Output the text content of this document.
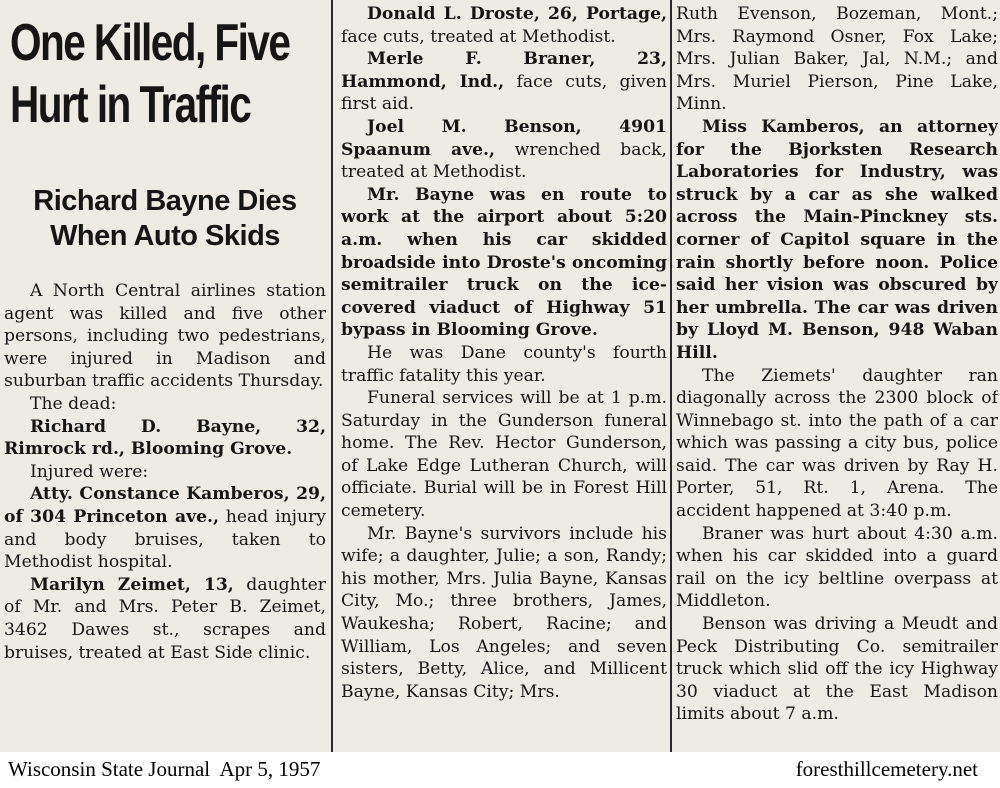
One Killed, Five
Hurt in Traffic
Richard Bayne Dies
When Auto Skids

A North Central airlines station agent was killed and five other persons, including two pedestrians, were injured in Madison and suburban traffic accidents Thursday.

The dead:

Richard D. Bayne, 32, Rimrock rd., Blooming Grove.

Injured were:

Atty. Constance Kamberos, 29, of 304 Princeton ave., head injury and body bruises, taken to Methodist hospital.

Marilyn Zeimet, 13, daughter of Mr. and Mrs. Peter B. Zeimet, 3462 Dawes st., scrapes and bruises, treated at East Side clinic.

Donald L. Droste, 26, Portage, face cuts, treated at Methodist.

Merle F. Braner, 23, Hammond, Ind., face cuts, given first aid.

Joel M. Benson, 4901 Spaanum ave., wrenched back, treated at Methodist.

Mr. Bayne was en route to work at the airport about 5:20 a.m. when his car skidded broadside into Droste's oncoming semitrailer truck on the ice-covered viaduct of Highway 51 bypass in Blooming Grove.

He was Dane county's fourth traffic fatality this year.

Funeral services will be at 1 p.m. Saturday in the Gunderson funeral home. The Rev. Hector Gunderson, of Lake Edge Lutheran Church, will officiate. Burial will be in Forest Hill cemetery.

Mr. Bayne's survivors include his wife; a daughter, Julie; a son, Randy; his mother, Mrs. Julia Bayne, Kansas City, Mo.; three brothers, James, Waukesha; Robert, Racine; and William, Los Angeles; and seven sisters, Betty, Alice, and Millicent Bayne, Kansas City; Mrs.

Ruth Evenson, Bozeman, Mont.; Mrs. Raymond Osner, Fox Lake; Mrs. Julian Baker, Jal, N.M.; and Mrs. Muriel Pierson, Pine Lake, Minn.

Miss Kamberos, an attorney for the Bjorksten Research Laboratories for Industry, was struck by a car as she walked across the Main-Pinckney sts. corner of Capitol square in the rain shortly before noon. Police said her vision was obscured by her umbrella. The car was driven by Lloyd M. Benson, 948 Waban Hill.

The Ziemets' daughter ran diagonally across the 2300 block of Winnebago st. into the path of a car which was passing a city bus, police said. The car was driven by Ray H. Porter, 51, Rt. 1, Arena. The accident happened at 3:40 p.m.

Braner was hurt about 4:30 a.m. when his car skidded into a guard rail on the icy beltline overpass at Middleton.

Benson was driving a Meudt and Peck Distributing Co. semitrailer truck which slid off the icy Highway 30 viaduct at the East Madison limits about 7 a.m.

Wisconsin State Journal  Apr 5, 1957	foresthillcemetery.net
